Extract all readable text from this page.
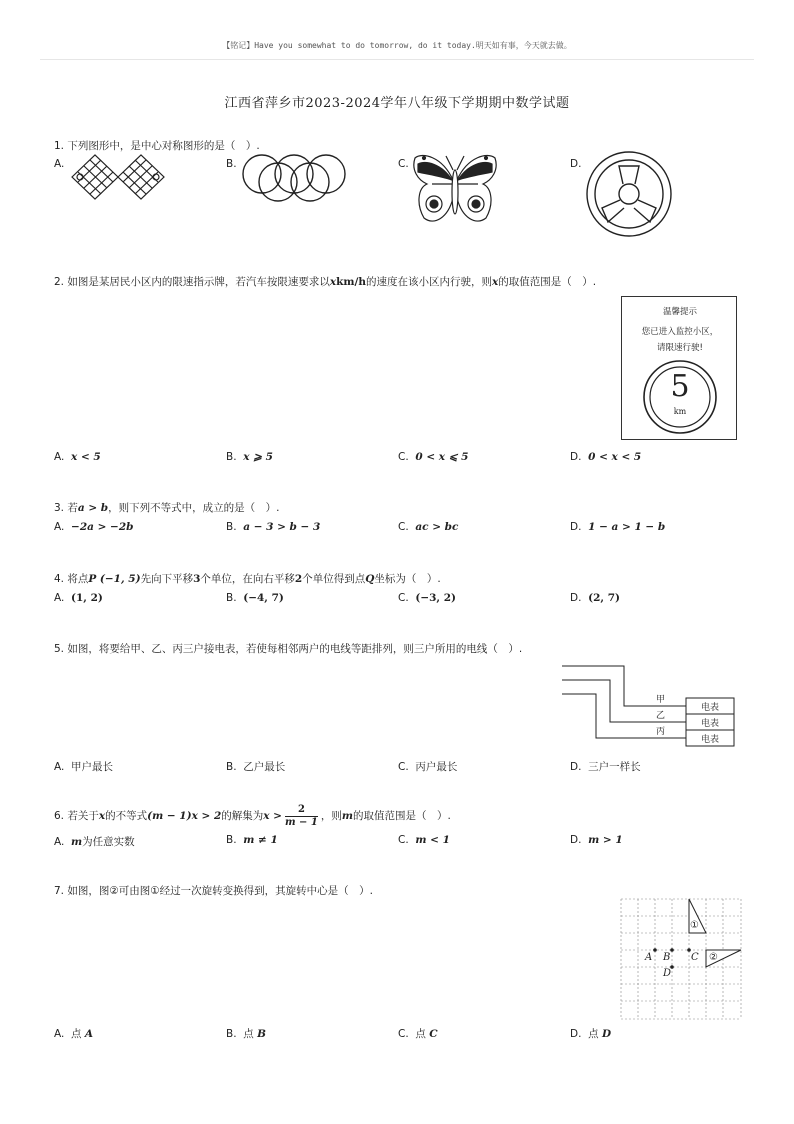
【铭记】Have you somewhat to do tomorrow, do it today.明天如有事，今天就去做。
江西省萍乡市2023-2024学年八年级下学期期中数学试题
1. 下列图形中，是中心对称图形的是（　）.
A.	B.	C.	D.
2. 如图是某居民小区内的限速指示牌，若汽车按限速要求以xkm/h的速度在该小区内行驶，则x的取值范围是（　）.
温馨提示
您已进入监控小区，
请限速行驶!
5
km
A. x < 5	B. x ⩾ 5	C. 0 < x ⩽ 5	D. 0 < x < 5
3. 若a > b，则下列不等式中，成立的是（　）.
A. −2a > −2b	B. a − 3 > b − 3	C. ac > bc	D. 1 − a > 1 − b
4. 将点P (−1, 5)先向下平移3个单位，在向右平移2个单位得到点Q坐标为（　）.
A. (1, 2)	B. (−4, 7)	C. (−3, 2)	D. (2, 7)
5. 如图，将要给甲、乙、丙三户接电表，若使每相邻两户的电线等距排列，则三户所用的电线（　）.
甲
乙
丙
电表
电表
电表
A. 甲户最长	B. 乙户最长	C. 丙户最长	D. 三户一样长
6. 若关于x的不等式(m − 1)x > 2的解集为$x > \frac{2}{m - 1}$ ，则m的取值范围是（　）.
A. m为任意实数	B. m ≠ 1	C. m < 1	D. m > 1
7. 如图，图②可由图①经过一次旋转变换得到，其旋转中心是（　）.
A B C
D
①
②
A. 点 A	B. 点 B	C. 点 C	D. 点 D
